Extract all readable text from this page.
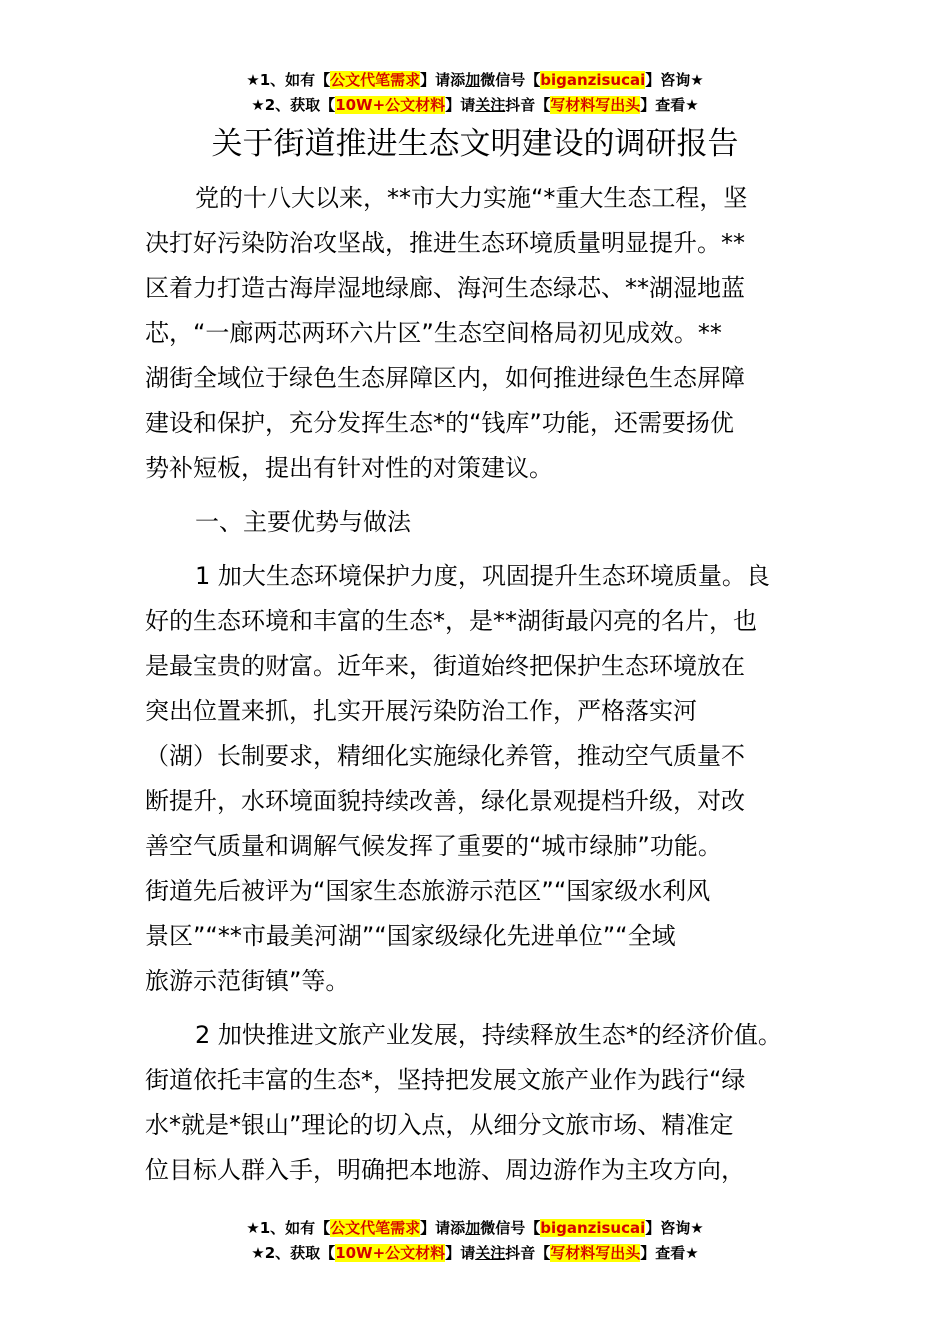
★1、如有【公文代笔需求】请添加微信号【biganzisucai】咨询★
★2、获取【10W+公文材料】请关注抖音【写材料写出头】查看★
关于街道推进生态文明建设的调研报告
党的十八大以来，**市大力实施“*重大生态工程，坚
决打好污染防治攻坚战，推进生态环境质量明显提升。**
区着力打造古海岸湿地绿廊、海河生态绿芯、**湖湿地蓝
芯，“一廊两芯两环六片区”生态空间格局初见成效。**
湖街全域位于绿色生态屏障区内，如何推进绿色生态屏障
建设和保护，充分发挥生态*的“钱库”功能，还需要扬优
势补短板，提出有针对性的对策建议。
一、主要优势与做法
1 加大生态环境保护力度，巩固提升生态环境质量。良
好的生态环境和丰富的生态*，是**湖街最闪亮的名片，也
是最宝贵的财富。近年来，街道始终把保护生态环境放在
突出位置来抓，扎实开展污染防治工作，严格落实河
（湖）长制要求，精细化实施绿化养管，推动空气质量不
断提升，水环境面貌持续改善，绿化景观提档升级，对改
善空气质量和调解气候发挥了重要的“城市绿肺”功能。
街道先后被评为“国家生态旅游示范区”“国家级水利风
景区”“**市最美河湖”“国家级绿化先进单位”“全域
旅游示范街镇”等。
2 加快推进文旅产业发展，持续释放生态*的经济价值。
街道依托丰富的生态*，坚持把发展文旅产业作为践行“绿
水*就是*银山”理论的切入点，从细分文旅市场、精准定
位目标人群入手，明确把本地游、周边游作为主攻方向，
★1、如有【公文代笔需求】请添加微信号【biganzisucai】咨询★
★2、获取【10W+公文材料】请关注抖音【写材料写出头】查看★
